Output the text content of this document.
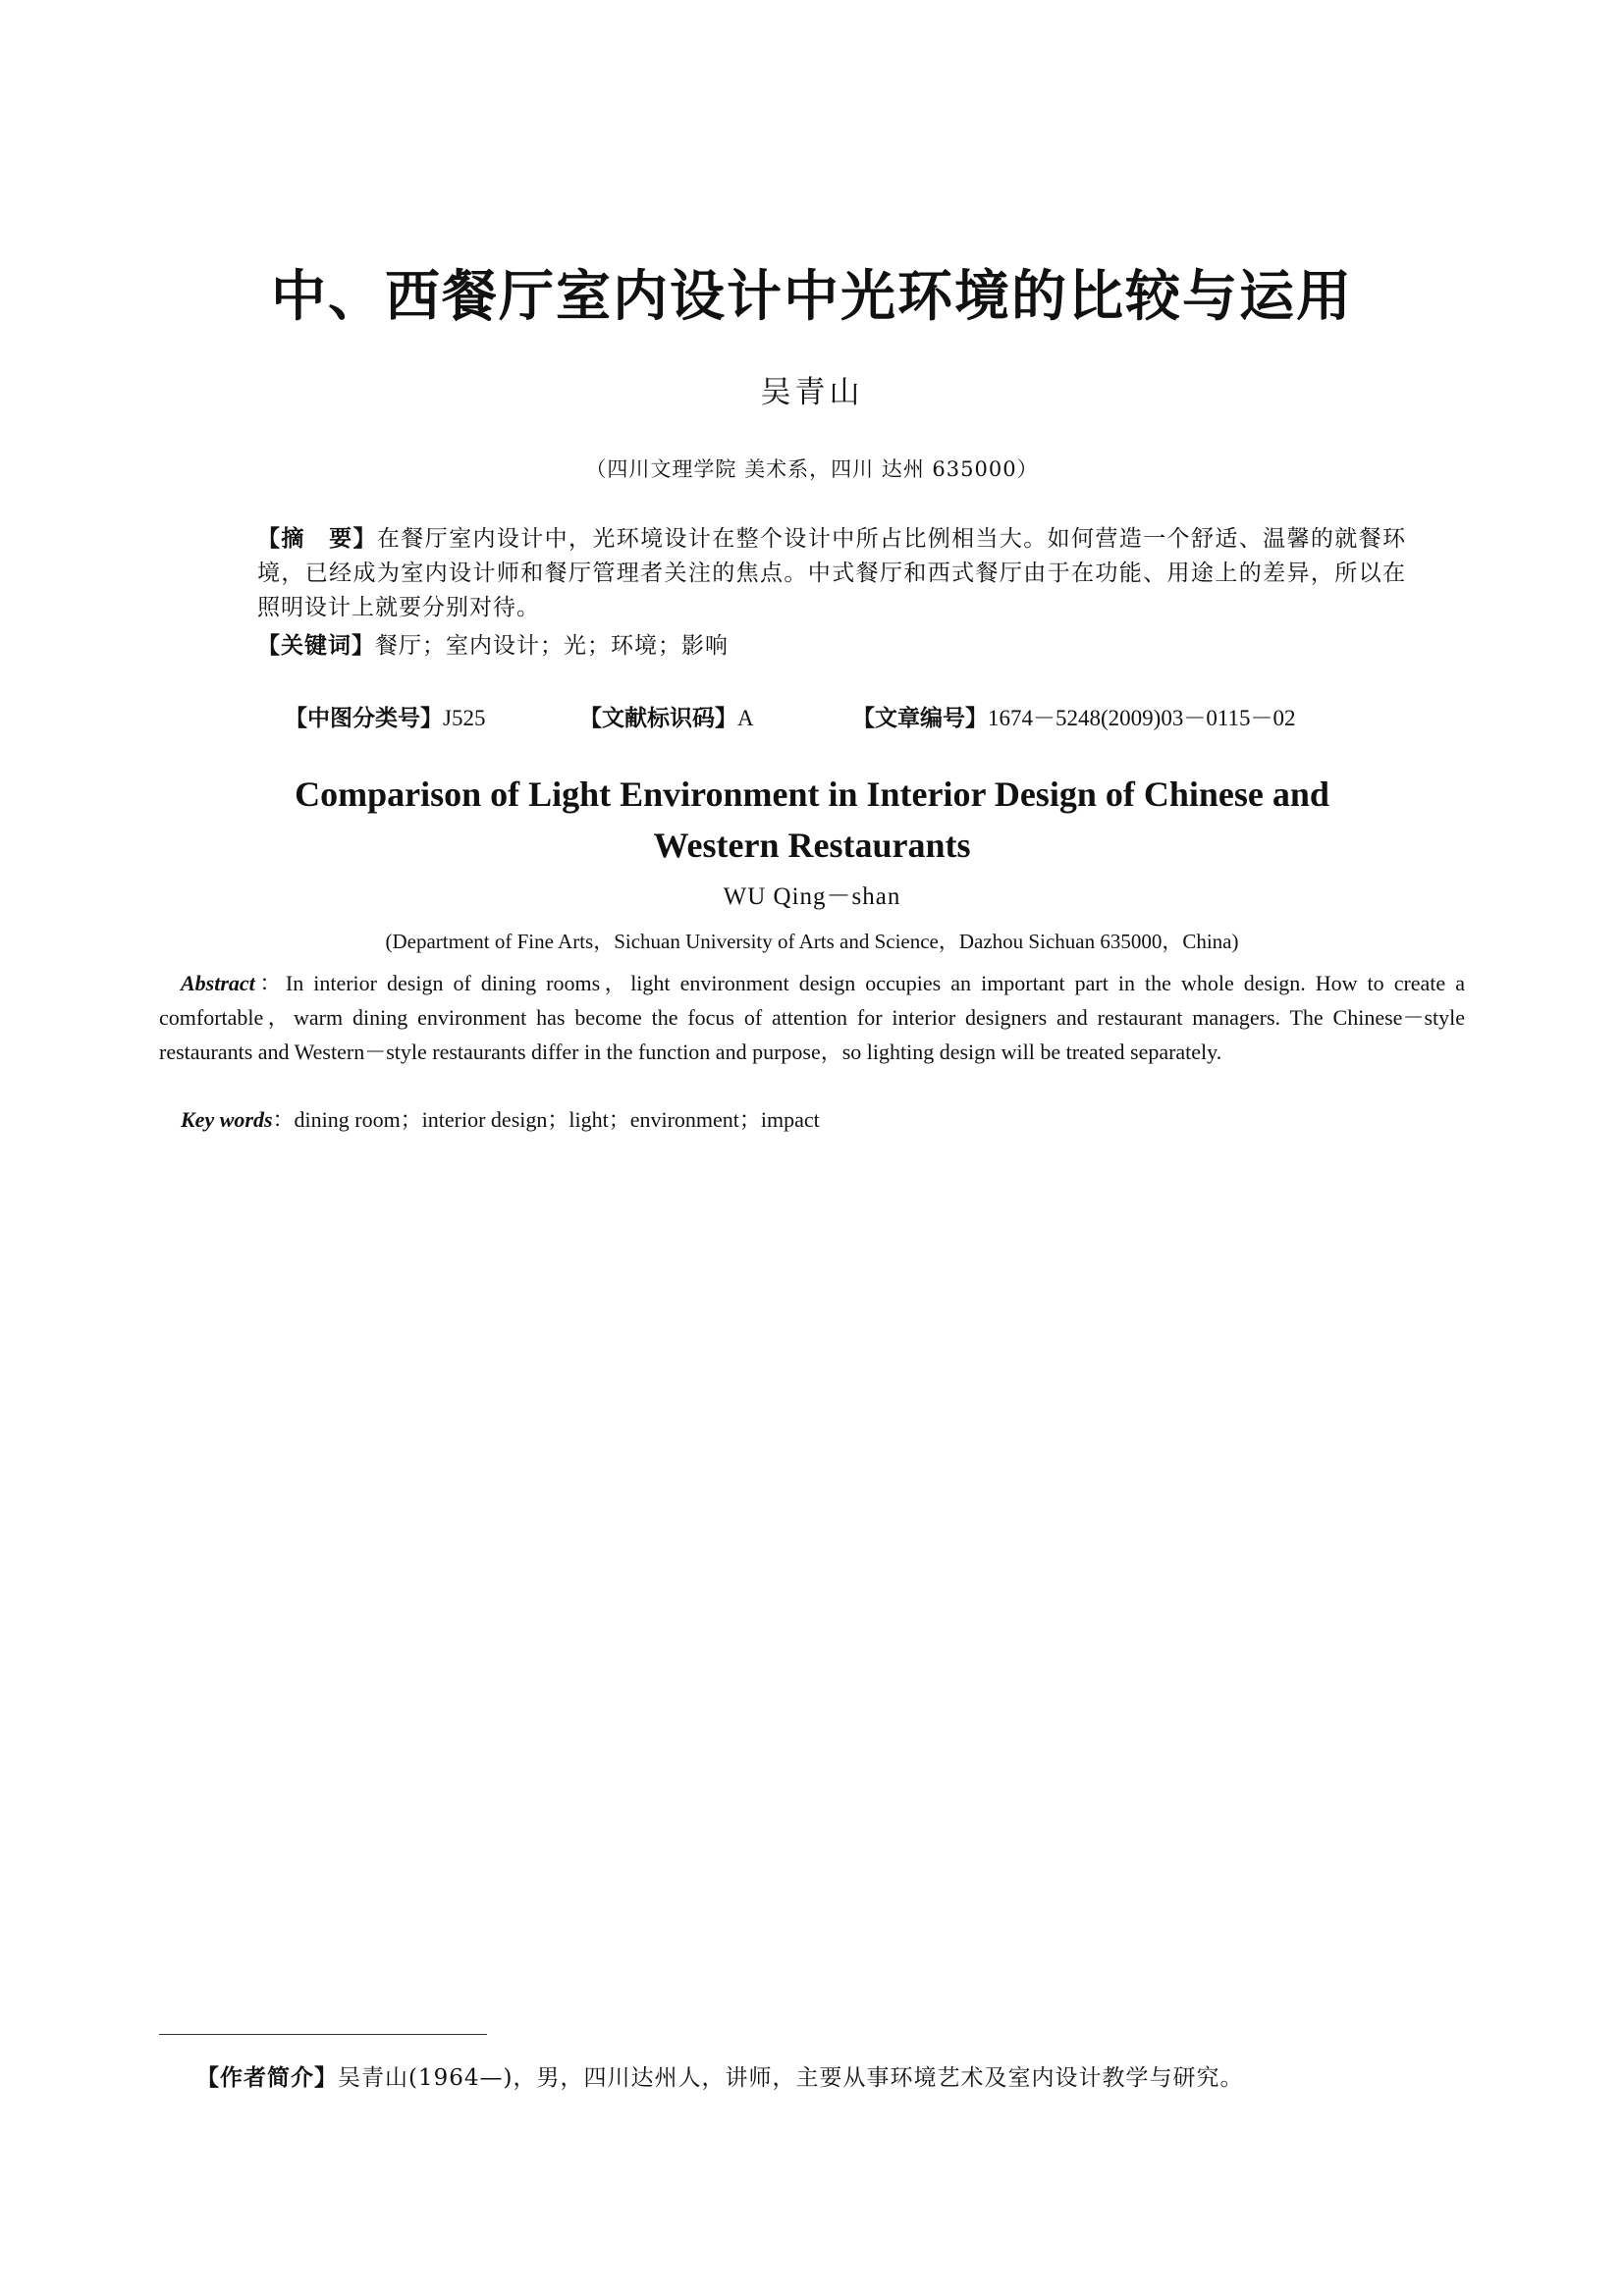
中、西餐厅室内设计中光环境的比较与运用
吴青山
（四川文理学院 美术系，四川 达州 635000）
【摘　要】在餐厅室内设计中，光环境设计在整个设计中所占比例相当大。如何营造一个舒适、温馨的就餐环境，已经成为室内设计师和餐厅管理者关注的焦点。中式餐厅和西式餐厅由于在功能、用途上的差异，所以在照明设计上就要分别对待。
【关键词】餐厅；室内设计；光；环境；影响
【中图分类号】J525	【文献标识码】A	【文章编号】1674－5248(2009)03－0115－02
Comparison of Light Environment in Interior Design of Chinese and
Western Restaurants
WU Qing－shan
(Department of Fine Arts，Sichuan University of Arts and Science，Dazhou Sichuan 635000，China)
Abstract：In interior design of dining rooms，light environment design occupies an important part in the whole design. How to create a comfortable，warm dining environment has become the focus of attention for interior designers and restaurant managers. The Chinese－style restaurants and Western－style restaurants differ in the function and purpose，so lighting design will be treated separately.
Key words：dining room；interior design；light；environment；impact
【作者简介】吴青山(1964—)，男，四川达州人，讲师，主要从事环境艺术及室内设计教学与研究。
